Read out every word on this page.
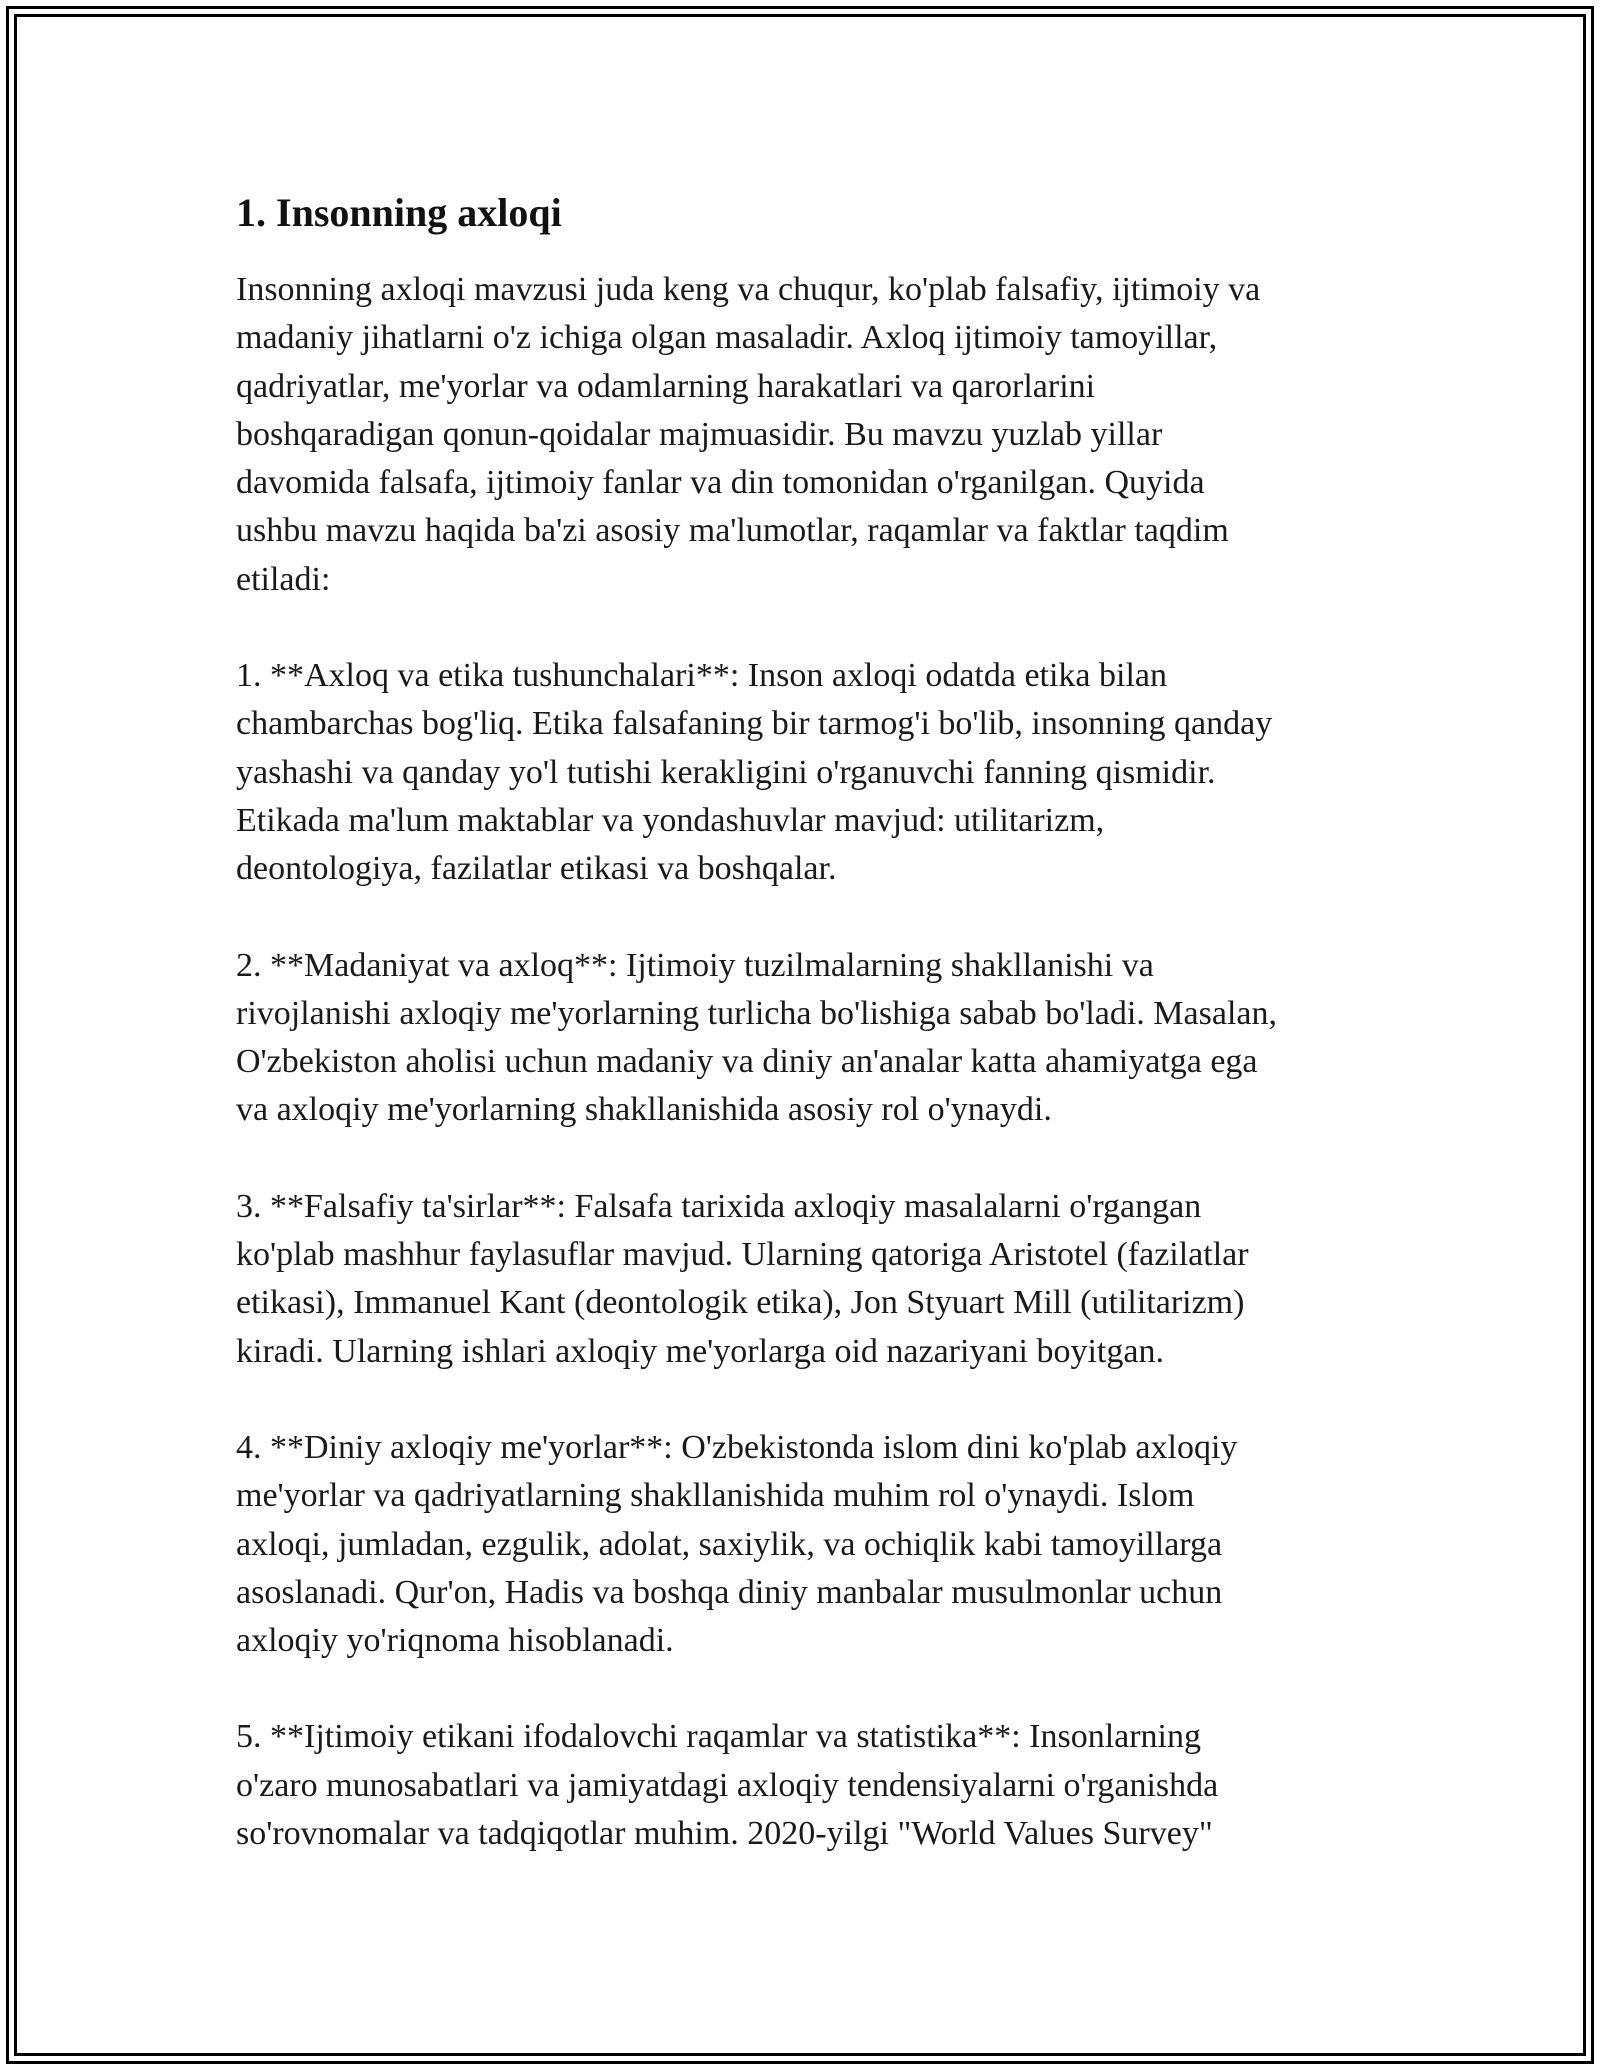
1. Insonning axloqi

Insonning axloqi mavzusi juda keng va chuqur, ko'plab falsafiy, ijtimoiy va
madaniy jihatlarni o'z ichiga olgan masaladir. Axloq ijtimoiy tamoyillar,
qadriyatlar, me'yorlar va odamlarning harakatlari va qarorlarini
boshqaradigan qonun-qoidalar majmuasidir. Bu mavzu yuzlab yillar
davomida falsafa, ijtimoiy fanlar va din tomonidan o'rganilgan. Quyida
ushbu mavzu haqida ba'zi asosiy ma'lumotlar, raqamlar va faktlar taqdim
etiladi:

1. **Axloq va etika tushunchalari**: Inson axloqi odatda etika bilan
chambarchas bog'liq. Etika falsafaning bir tarmog'i bo'lib, insonning qanday
yashashi va qanday yo'l tutishi kerakligini o'rganuvchi fanning qismidir.
Etikada ma'lum maktablar va yondashuvlar mavjud: utilitarizm,
deontologiya, fazilatlar etikasi va boshqalar.

2. **Madaniyat va axloq**: Ijtimoiy tuzilmalarning shakllanishi va
rivojlanishi axloqiy me'yorlarning turlicha bo'lishiga sabab bo'ladi. Masalan,
O'zbekiston aholisi uchun madaniy va diniy an'analar katta ahamiyatga ega
va axloqiy me'yorlarning shakllanishida asosiy rol o'ynaydi.

3. **Falsafiy ta'sirlar**: Falsafa tarixida axloqiy masalalarni o'rgangan
ko'plab mashhur faylasuflar mavjud. Ularning qatoriga Aristotel (fazilatlar
etikasi), Immanuel Kant (deontologik etika), Jon Styuart Mill (utilitarizm)
kiradi. Ularning ishlari axloqiy me'yorlarga oid nazariyani boyitgan.

4. **Diniy axloqiy me'yorlar**: O'zbekistonda islom dini ko'plab axloqiy
me'yorlar va qadriyatlarning shakllanishida muhim rol o'ynaydi. Islom
axloqi, jumladan, ezgulik, adolat, saxiylik, va ochiqlik kabi tamoyillarga
asoslanadi. Qur'on, Hadis va boshqa diniy manbalar musulmonlar uchun
axloqiy yo'riqnoma hisoblanadi.

5. **Ijtimoiy etikani ifodalovchi raqamlar va statistika**: Insonlarning
o'zaro munosabatlari va jamiyatdagi axloqiy tendensiyalarni o'rganishda
so'rovnomalar va tadqiqotlar muhim. 2020-yilgi "World Values Survey"
